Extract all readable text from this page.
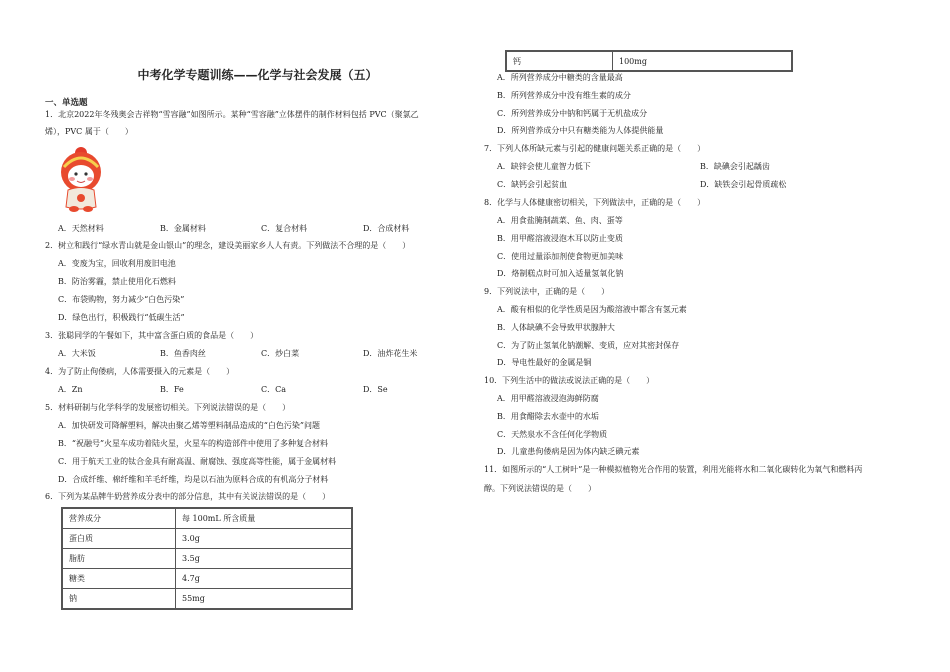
钙	100mg
中考化学专题训练——化学与社会发展（五）
一、单选题
1．北京2022年冬残奥会吉祥物“雪容融”如图所示。某种“雪容融”立体摆件的制作材料包括 PVC（聚氯乙
烯），PVC 属于（　　）
A．天然材料	B．金属材料	C．复合材料	D．合成材料
2．树立和践行“绿水青山就是金山银山”的理念，建设美丽家乡人人有责。下列做法不合理的是（　　）
A．变废为宝，回收利用废旧电池
B．防治雾霾，禁止使用化石燃料
C．布袋购物，努力减少“白色污染”
D．绿色出行，积极践行“低碳生活”
3．张聪同学的午餐如下，其中富含蛋白质的食品是（　　）
A．大米饭	B．鱼香肉丝	C．炒白菜	D．油炸花生米
4．为了防止佝偻病，人体需要摄入的元素是（　　）
A．Zn	B．Fe	C．Ca	D．Se
5．材料研制与化学科学的发展密切相关。下列说法错误的是（　　）
A．加快研发可降解塑料，解决由聚乙烯等塑料制品造成的“白色污染”问题
B．“祝融号”火星车成功着陆火星，火星车的构造部件中使用了多种复合材料
C．用于航天工业的钛合金具有耐高温、耐腐蚀、强度高等性能，属于金属材料
D．合成纤维、棉纤维和羊毛纤维，均是以石油为原料合成的有机高分子材料
6．下列为某品牌牛奶营养成分表中的部分信息，其中有关说法错误的是（　　）
营养成分	每 100mL 所含质量
蛋白质	3.0g
脂肪	3.5g
糖类	4.7g
钠	55mg
A．所列营养成分中糖类的含量最高
B．所列营养成分中没有维生素的成分
C．所列营养成分中钠和钙属于无机盐成分
D．所列营养成分中只有糖类能为人体提供能量
7．下列人体所缺元素与引起的健康问题关系正确的是（　　）
A．缺锌会使儿童智力低下	B．缺碘会引起龋齿
C．缺钙会引起贫血	D．缺铁会引起骨质疏松
8．化学与人体健康密切相关，下列做法中，正确的是（　　）
A．用食盐腌制蔬菜、鱼、肉、蛋等
B．用甲醛溶液浸泡木耳以防止变质
C．使用过量添加剂使食物更加美味
D．烙制糕点时可加入适量氢氧化钠
9．下列说法中，正确的是（　　）
A．酸有相似的化学性质是因为酸溶液中都含有氢元素
B．人体缺碘不会导致甲状腺肿大
C．为了防止氢氧化钠潮解、变质，应对其密封保存
D．导电性最好的金属是铜
10．下列生活中的做法或说法正确的是（　　）
A．用甲醛溶液浸泡海鲜防腐
B．用食醋除去水壶中的水垢
C．天然泉水不含任何化学物质
D．儿童患佝偻病是因为体内缺乏碘元素
11．如图所示的“人工树叶”是一种模拟植物光合作用的装置，利用光能将水和二氧化碳转化为氧气和燃料丙
醇。下列说法错误的是（　　）
